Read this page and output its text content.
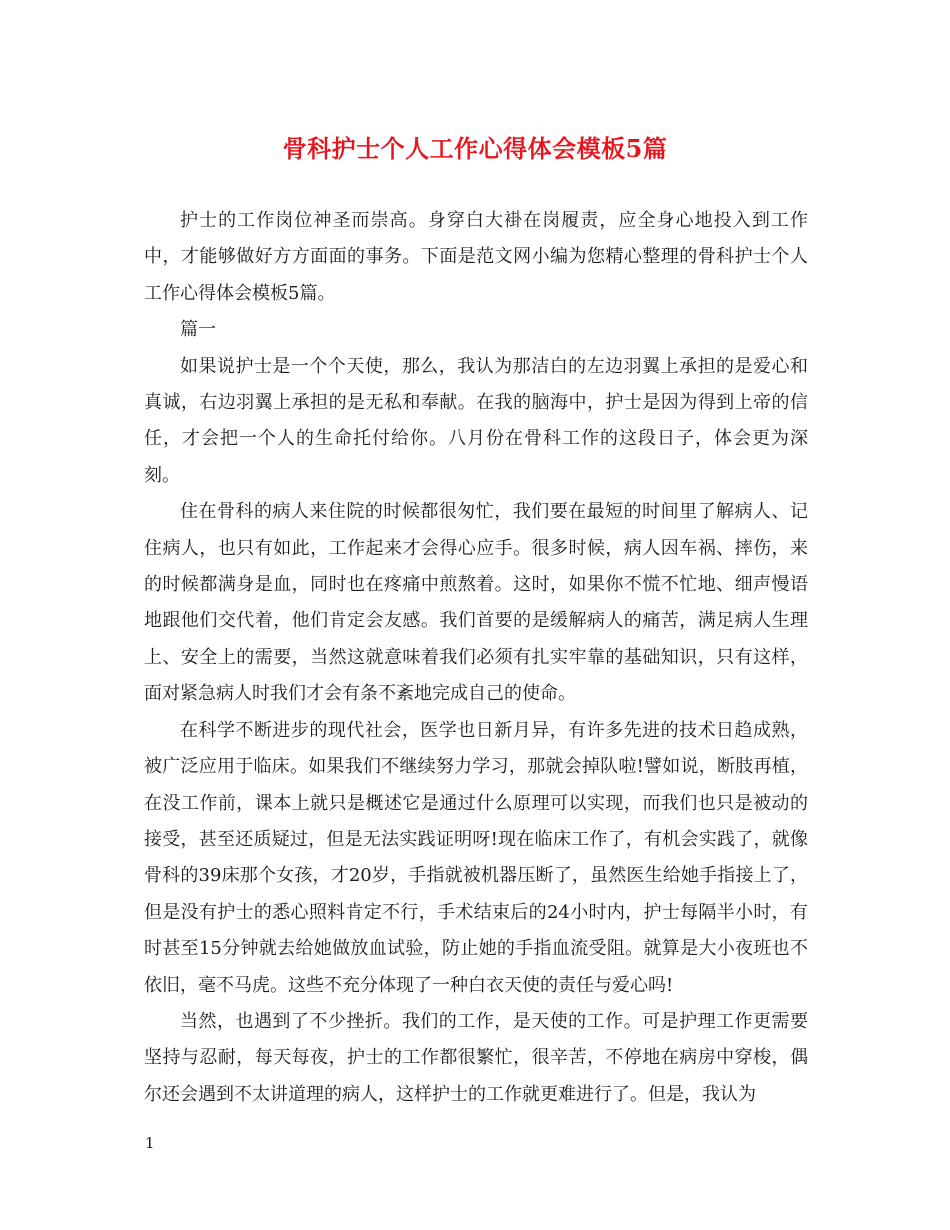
骨科护士个人工作心得体会模板5篇

护士的工作岗位神圣而崇高。身穿白大褂在岗履责，应全身心地投入到工作中，才能够做好方方面面的事务。下面是范文网小编为您精心整理的骨科护士个人工作心得体会模板5篇。

篇一

如果说护士是一个个天使，那么，我认为那洁白的左边羽翼上承担的是爱心和真诚，右边羽翼上承担的是无私和奉献。在我的脑海中，护士是因为得到上帝的信任，才会把一个人的生命托付给你。八月份在骨科工作的这段日子，体会更为深刻。

住在骨科的病人来住院的时候都很匆忙，我们要在最短的时间里了解病人、记住病人，也只有如此，工作起来才会得心应手。很多时候，病人因车祸、摔伤，来的时候都满身是血，同时也在疼痛中煎熬着。这时，如果你不慌不忙地、细声慢语地跟他们交代着，他们肯定会友感。我们首要的是缓解病人的痛苦，满足病人生理上、安全上的需要，当然这就意味着我们必须有扎实牢靠的基础知识，只有这样，面对紧急病人时我们才会有条不紊地完成自己的使命。

在科学不断进步的现代社会，医学也日新月异，有许多先进的技术日趋成熟，被广泛应用于临床。如果我们不继续努力学习，那就会掉队啦!譬如说，断肢再植，在没工作前，课本上就只是概述它是通过什么原理可以实现，而我们也只是被动的接受，甚至还质疑过，但是无法实践证明呀!现在临床工作了，有机会实践了，就像骨科的39床那个女孩，才20岁，手指就被机器压断了，虽然医生给她手指接上了，但是没有护士的悉心照料肯定不行，手术结束后的24小时内，护士每隔半小时，有时甚至15分钟就去给她做放血试验，防止她的手指血流受阻。就算是大小夜班也不依旧，毫不马虎。这些不充分体现了一种白衣天使的责任与爱心吗!

当然，也遇到了不少挫折。我们的工作，是天使的工作。可是护理工作更需要坚持与忍耐，每天每夜，护士的工作都很繁忙，很辛苦，不停地在病房中穿梭，偶尔还会遇到不太讲道理的病人，这样护士的工作就更难进行了。但是，我认为

1
